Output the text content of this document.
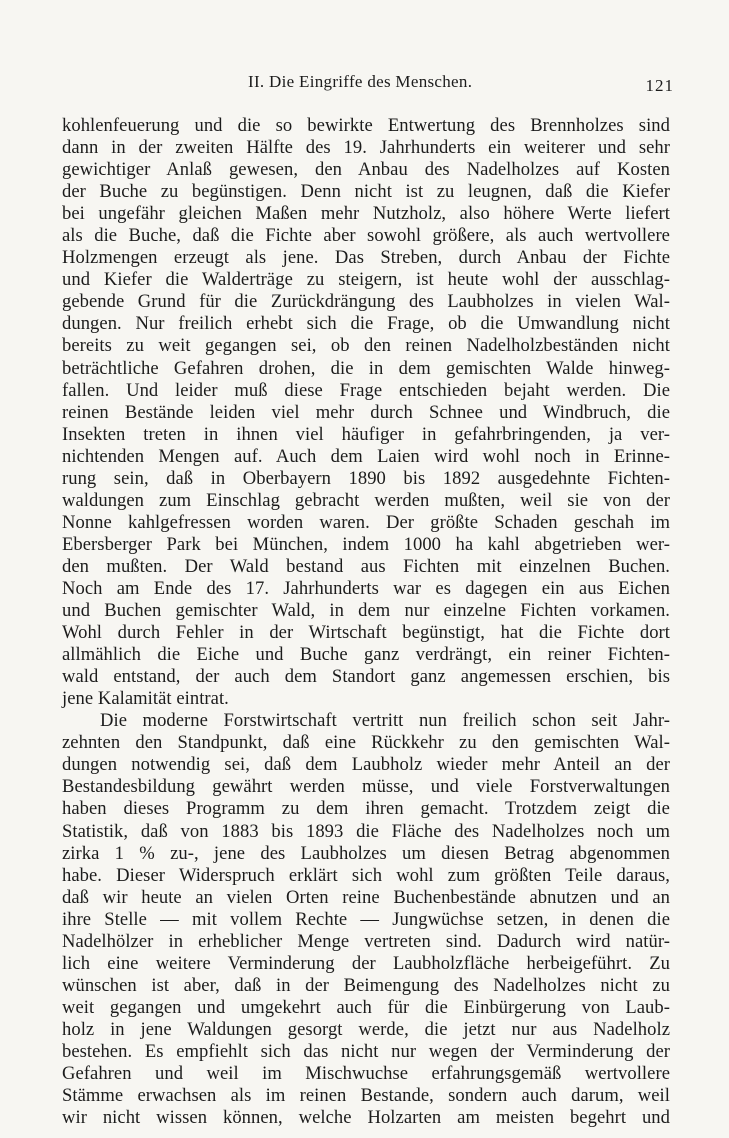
II. Die Eingriffe des Menschen.	121
kohlenfeuerung und die so bewirkte Entwertung des Brennholzes sind
dann in der zweiten Hälfte des 19. Jahrhunderts ein weiterer und sehr
gewichtiger Anlaß gewesen, den Anbau des Nadelholzes auf Kosten
der Buche zu begünstigen. Denn nicht ist zu leugnen, daß die Kiefer
bei ungefähr gleichen Maßen mehr Nutzholz, also höhere Werte liefert
als die Buche, daß die Fichte aber sowohl größere, als auch wertvollere
Holzmengen erzeugt als jene. Das Streben, durch Anbau der Fichte
und Kiefer die Walderträge zu steigern, ist heute wohl der ausschlag-
gebende Grund für die Zurückdrängung des Laubholzes in vielen Wal-
dungen. Nur freilich erhebt sich die Frage, ob die Umwandlung nicht
bereits zu weit gegangen sei, ob den reinen Nadelholzbeständen nicht
beträchtliche Gefahren drohen, die in dem gemischten Walde hinweg-
fallen. Und leider muß diese Frage entschieden bejaht werden. Die
reinen Bestände leiden viel mehr durch Schnee und Windbruch, die
Insekten treten in ihnen viel häufiger in gefahrbringenden, ja ver-
nichtenden Mengen auf. Auch dem Laien wird wohl noch in Erinne-
rung sein, daß in Oberbayern 1890 bis 1892 ausgedehnte Fichten-
waldungen zum Einschlag gebracht werden mußten, weil sie von der
Nonne kahlgefressen worden waren. Der größte Schaden geschah im
Ebersberger Park bei München, indem 1000 ha kahl abgetrieben wer-
den mußten. Der Wald bestand aus Fichten mit einzelnen Buchen.
Noch am Ende des 17. Jahrhunderts war es dagegen ein aus Eichen
und Buchen gemischter Wald, in dem nur einzelne Fichten vorkamen.
Wohl durch Fehler in der Wirtschaft begünstigt, hat die Fichte dort
allmählich die Eiche und Buche ganz verdrängt, ein reiner Fichten-
wald entstand, der auch dem Standort ganz angemessen erschien, bis
jene Kalamität eintrat.
Die moderne Forstwirtschaft vertritt nun freilich schon seit Jahr-
zehnten den Standpunkt, daß eine Rückkehr zu den gemischten Wal-
dungen notwendig sei, daß dem Laubholz wieder mehr Anteil an der
Bestandesbildung gewährt werden müsse, und viele Forstverwaltungen
haben dieses Programm zu dem ihren gemacht. Trotzdem zeigt die
Statistik, daß von 1883 bis 1893 die Fläche des Nadelholzes noch um
zirka 1 % zu-, jene des Laubholzes um diesen Betrag abgenommen
habe. Dieser Widerspruch erklärt sich wohl zum größten Teile daraus,
daß wir heute an vielen Orten reine Buchenbestände abnutzen und an
ihre Stelle — mit vollem Rechte — Jungwüchse setzen, in denen die
Nadelhölzer in erheblicher Menge vertreten sind. Dadurch wird natür-
lich eine weitere Verminderung der Laubholzfläche herbeigeführt. Zu
wünschen ist aber, daß in der Beimengung des Nadelholzes nicht zu
weit gegangen und umgekehrt auch für die Einbürgerung von Laub-
holz in jene Waldungen gesorgt werde, die jetzt nur aus Nadelholz
bestehen. Es empfiehlt sich das nicht nur wegen der Verminderung der
Gefahren und weil im Mischwuchse erfahrungsgemäß wertvollere
Stämme erwachsen als im reinen Bestande, sondern auch darum, weil
wir nicht wissen können, welche Holzarten am meisten begehrt und
